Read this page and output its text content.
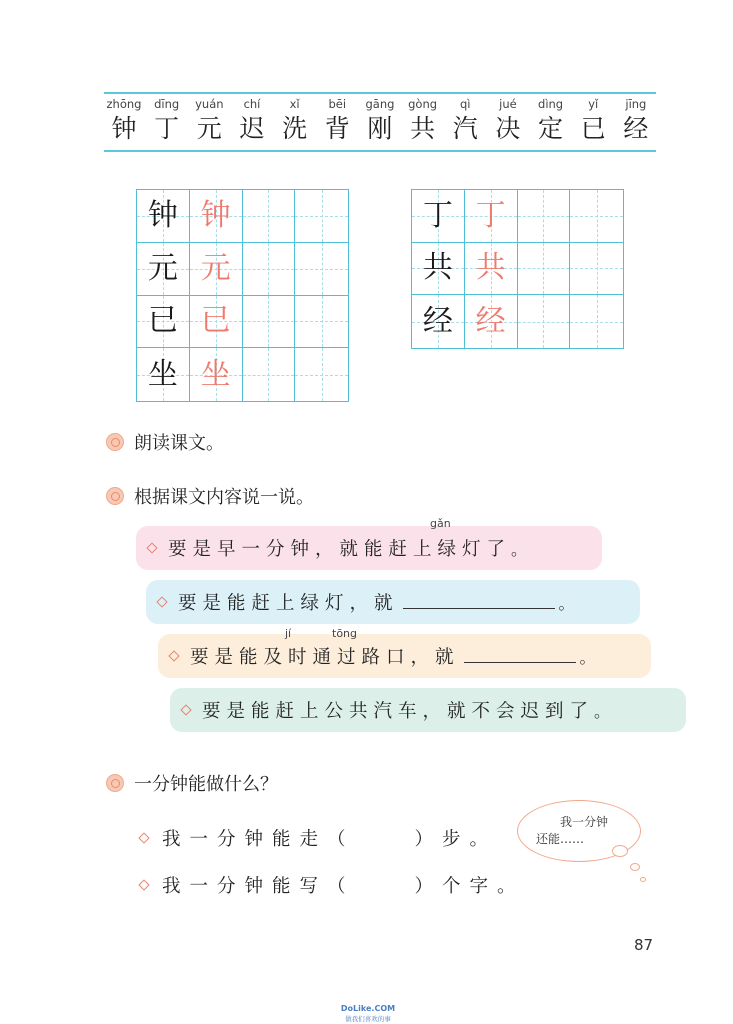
zhōng
钟
dīng
丁
yuán
元
chí
迟
xǐ
洗
bēi
背
gāng
刚
gòng
共
qì
汽
jué
决
dìng
定
yǐ
已
jīng
经
钟 钟
元 元
已 已
坐 坐
丁 丁
共 共
经 经
朗读课文。
根据课文内容说一说。
gǎn
要是早一分钟，就能赶上绿灯了。
要是能赶上绿灯，就	。
jí	tōng
要是能及时通过路口，就	。
要是能赶上公共汽车，就不会迟到了。
一分钟能做什么？
我一分钟能走（	）步。
我一分钟能写（	）个字。
我一分钟
还能……
87
DoLike.COM
做我们喜欢的事
